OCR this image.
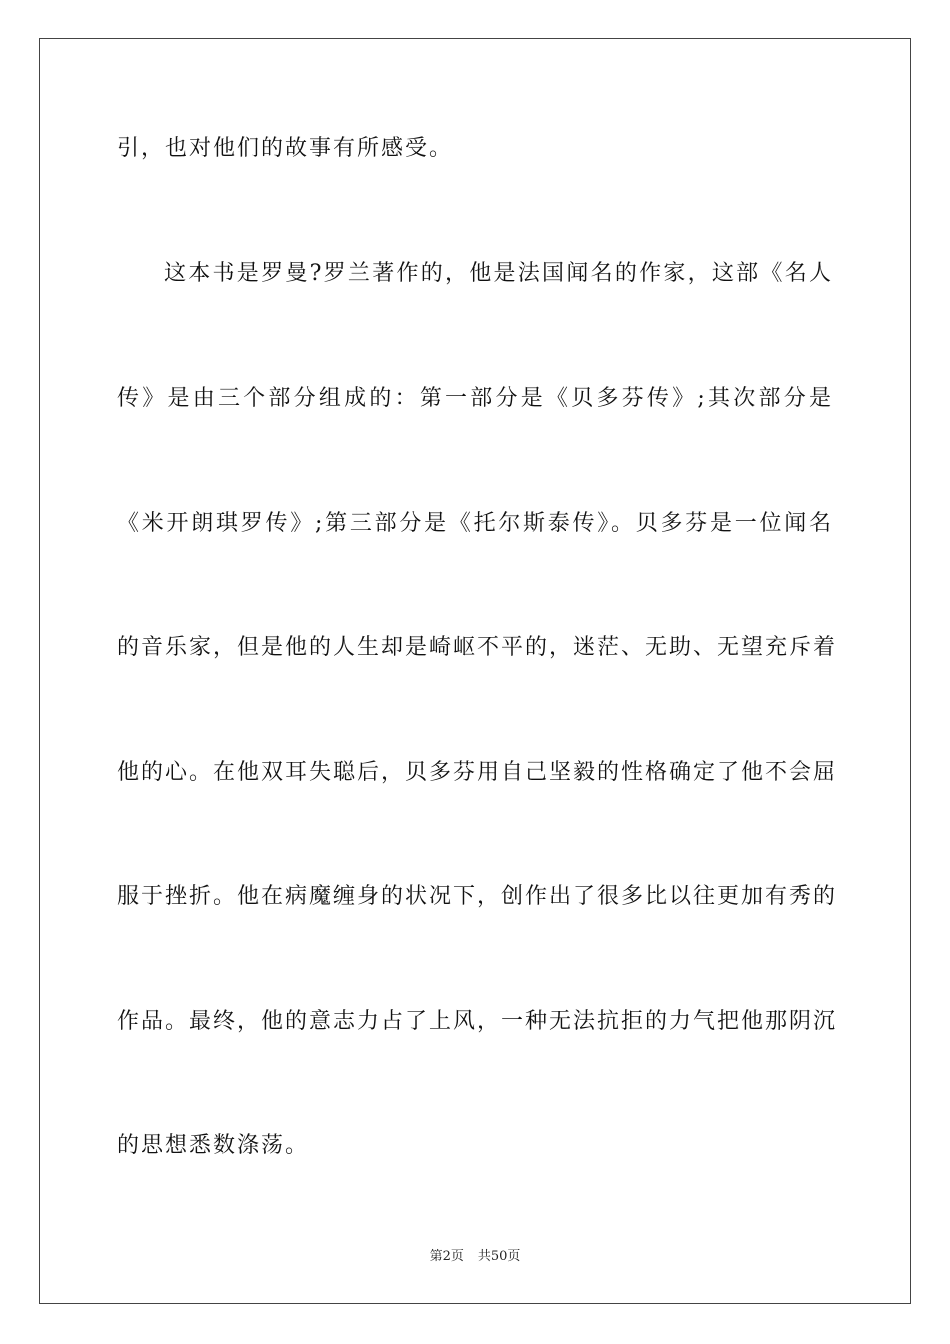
引，也对他们的故事有所感受。
这本书是罗曼?罗兰著作的，他是法国闻名的作家，这部《名人
传》是由三个部分组成的：第一部分是《贝多芬传》;其次部分是
《米开朗琪罗传》;第三部分是《托尔斯泰传》。贝多芬是一位闻名
的音乐家，但是他的人生却是崎岖不平的，迷茫、无助、无望充斥着
他的心。在他双耳失聪后，贝多芬用自己坚毅的性格确定了他不会屈
服于挫折。他在病魔缠身的状况下，创作出了很多比以往更加有秀的
作品。最终，他的意志力占了上风，一种无法抗拒的力气把他那阴沉
的思想悉数涤荡。
第2页 共50页
